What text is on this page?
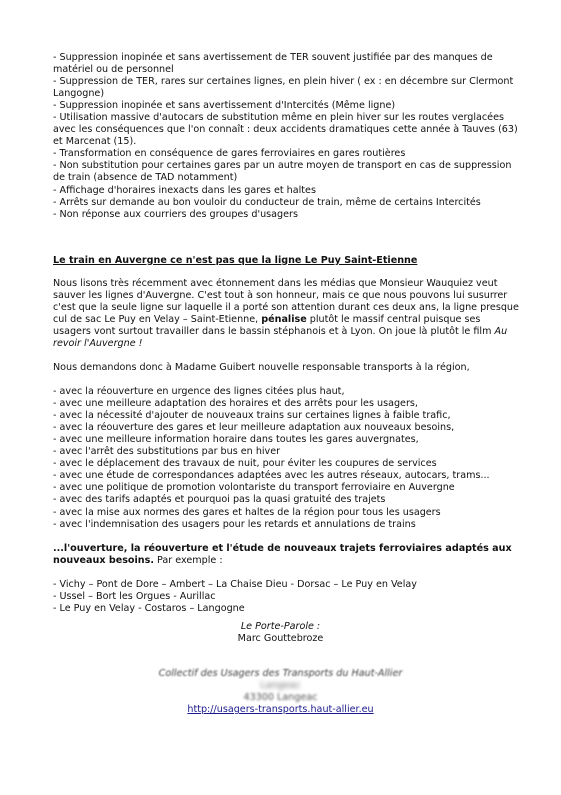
- Suppression inopinée et sans avertissement de TER souvent justifiée par des manques de
matériel ou de personnel
- Suppression de TER, rares sur certaines lignes, en plein hiver ( ex : en décembre sur Clermont
Langogne)
- Suppression inopinée et sans avertissement d'Intercités (Même ligne)
- Utilisation massive d'autocars de substitution même en plein hiver sur les routes verglacées
avec les conséquences que l'on connaît : deux accidents dramatiques cette année à Tauves (63)
et Marcenat (15).
- Transformation en conséquence de gares ferroviaires en gares routières
- Non substitution pour certaines gares par un autre moyen de transport en cas de suppression
de train (absence de TAD notamment)
- Affichage d'horaires inexacts dans les gares et haltes
- Arrêts sur demande au bon vouloir du conducteur de train, même de certains Intercités
- Non réponse aux courriers des groupes d'usagers
Le train en Auvergne ce n'est pas que la ligne Le Puy Saint-Etienne
Nous lisons très récemment avec étonnement dans les médias que Monsieur Wauquiez veut
sauver les lignes d'Auvergne. C'est tout à son honneur, mais ce que nous pouvons lui susurrer
c'est que la seule ligne sur laquelle il a porté son attention durant ces deux ans, la ligne presque
cul de sac Le Puy en Velay – Saint-Etienne, pénalise plutôt le massif central puisque ses
usagers vont surtout travailler dans le bassin stéphanois et à Lyon. On joue là plutôt le film Au
revoir l'Auvergne !
Nous demandons donc à Madame Guibert nouvelle responsable transports à la région,
- avec la réouverture en urgence des lignes citées plus haut,
- avec une meilleure adaptation des horaires et des arrêts pour les usagers,
- avec la nécessité d'ajouter de nouveaux trains sur certaines lignes à faible trafic,
- avec la réouverture des gares et leur meilleure adaptation aux nouveaux besoins,
- avec une meilleure information horaire dans toutes les gares auvergnates,
- avec l'arrêt des substitutions par bus en hiver
- avec le déplacement des travaux de nuit, pour éviter les coupures de services
- avec une étude de correspondances adaptées avec les autres réseaux, autocars, trams...
- avec une politique de promotion volontariste du transport ferroviaire en Auvergne
- avec des tarifs adaptés et pourquoi pas la quasi gratuité des trajets
- avec la mise aux normes des gares et haltes de la région pour tous les usagers
- avec l'indemnisation des usagers pour les retards et annulations de trains
...l'ouverture, la réouverture et l'étude de nouveaux trajets ferroviaires adaptés aux
nouveaux besoins. Par exemple :
- Vichy – Pont de Dore – Ambert – La Chaise Dieu - Dorsac – Le Puy en Velay
- Ussel – Bort les Orgues - Aurillac
- Le Puy en Velay - Costaros – Langogne
Le Porte-Parole :
Marc Gouttebroze

Collectif des Usagers des Transports du Haut-Allier
Langeac
43300 Langeac
http://usagers-transports.haut-allier.eu
